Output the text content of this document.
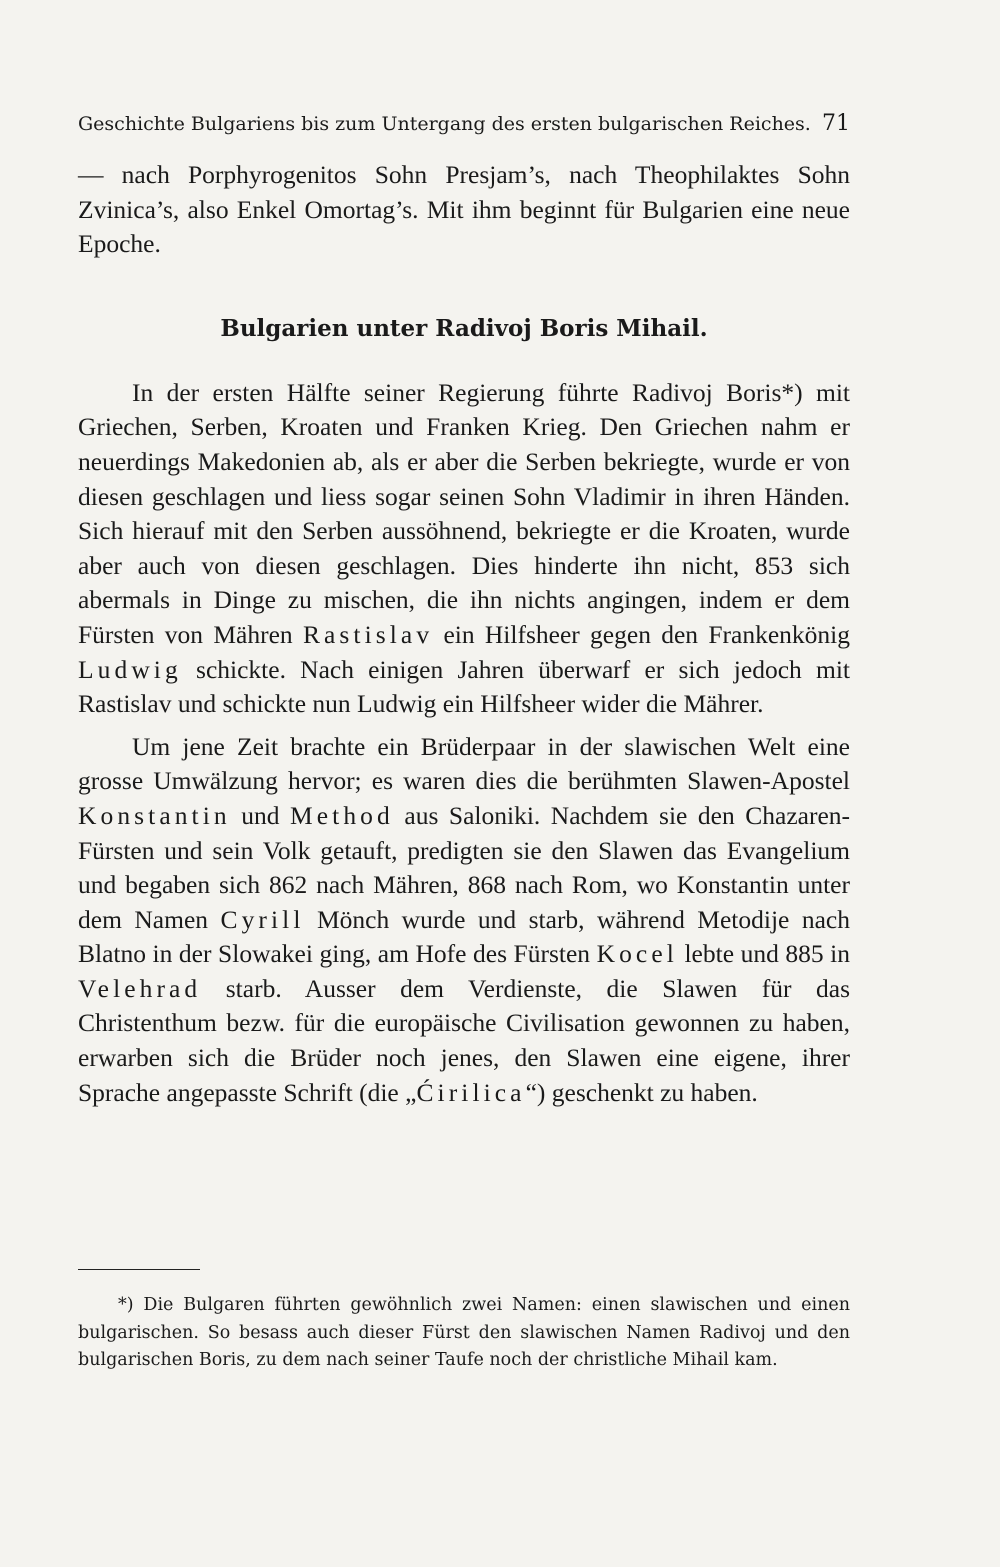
Geschichte Bulgariens bis zum Untergang des ersten bulgarischen Reiches. 71

— nach Porphyrogenitos Sohn Presjam’s, nach Theophilaktes Sohn Zvinica’s, also Enkel Omortag’s. Mit ihm beginnt für Bulgarien eine neue Epoche.

Bulgarien unter Radivoj Boris Mihail.

In der ersten Hälfte seiner Regierung führte Radivoj Boris*) mit Griechen, Serben, Kroaten und Franken Krieg. Den Griechen nahm er neuerdings Makedonien ab, als er aber die Serben bekriegte, wurde er von diesen geschlagen und liess sogar seinen Sohn Vladimir in ihren Händen. Sich hierauf mit den Serben aussöhnend, bekriegte er die Kroaten, wurde aber auch von diesen geschlagen. Dies hinderte ihn nicht, 853 sich abermals in Dinge zu mischen, die ihn nichts angingen, indem er dem Fürsten von Mähren Rastislav ein Hilfsheer gegen den Frankenkönig Ludwig schickte. Nach einigen Jahren überwarf er sich jedoch mit Rastislav und schickte nun Ludwig ein Hilfsheer wider die Mährer.

Um jene Zeit brachte ein Brüderpaar in der slawischen Welt eine grosse Umwälzung hervor; es waren dies die berühmten Slawen-Apostel Konstantin und Method aus Saloniki. Nachdem sie den Chazaren-Fürsten und sein Volk getauft, predigten sie den Slawen das Evangelium und begaben sich 862 nach Mähren, 868 nach Rom, wo Konstantin unter dem Namen Cyrill Mönch wurde und starb, während Metodije nach Blatno in der Slowakei ging, am Hofe des Fürsten Kocel lebte und 885 in Velehrad starb. Ausser dem Verdienste, die Slawen für das Christenthum bezw. für die europäische Civilisation gewonnen zu haben, erwarben sich die Brüder noch jenes, den Slawen eine eigene, ihrer Sprache angepasste Schrift (die „Ćirilica“) geschenkt zu haben.

*) Die Bulgaren führten gewöhnlich zwei Namen: einen slawischen und einen bulgarischen. So besass auch dieser Fürst den slawischen Namen Radivoj und den bulgarischen Boris, zu dem nach seiner Taufe noch der christliche Mihail kam.
